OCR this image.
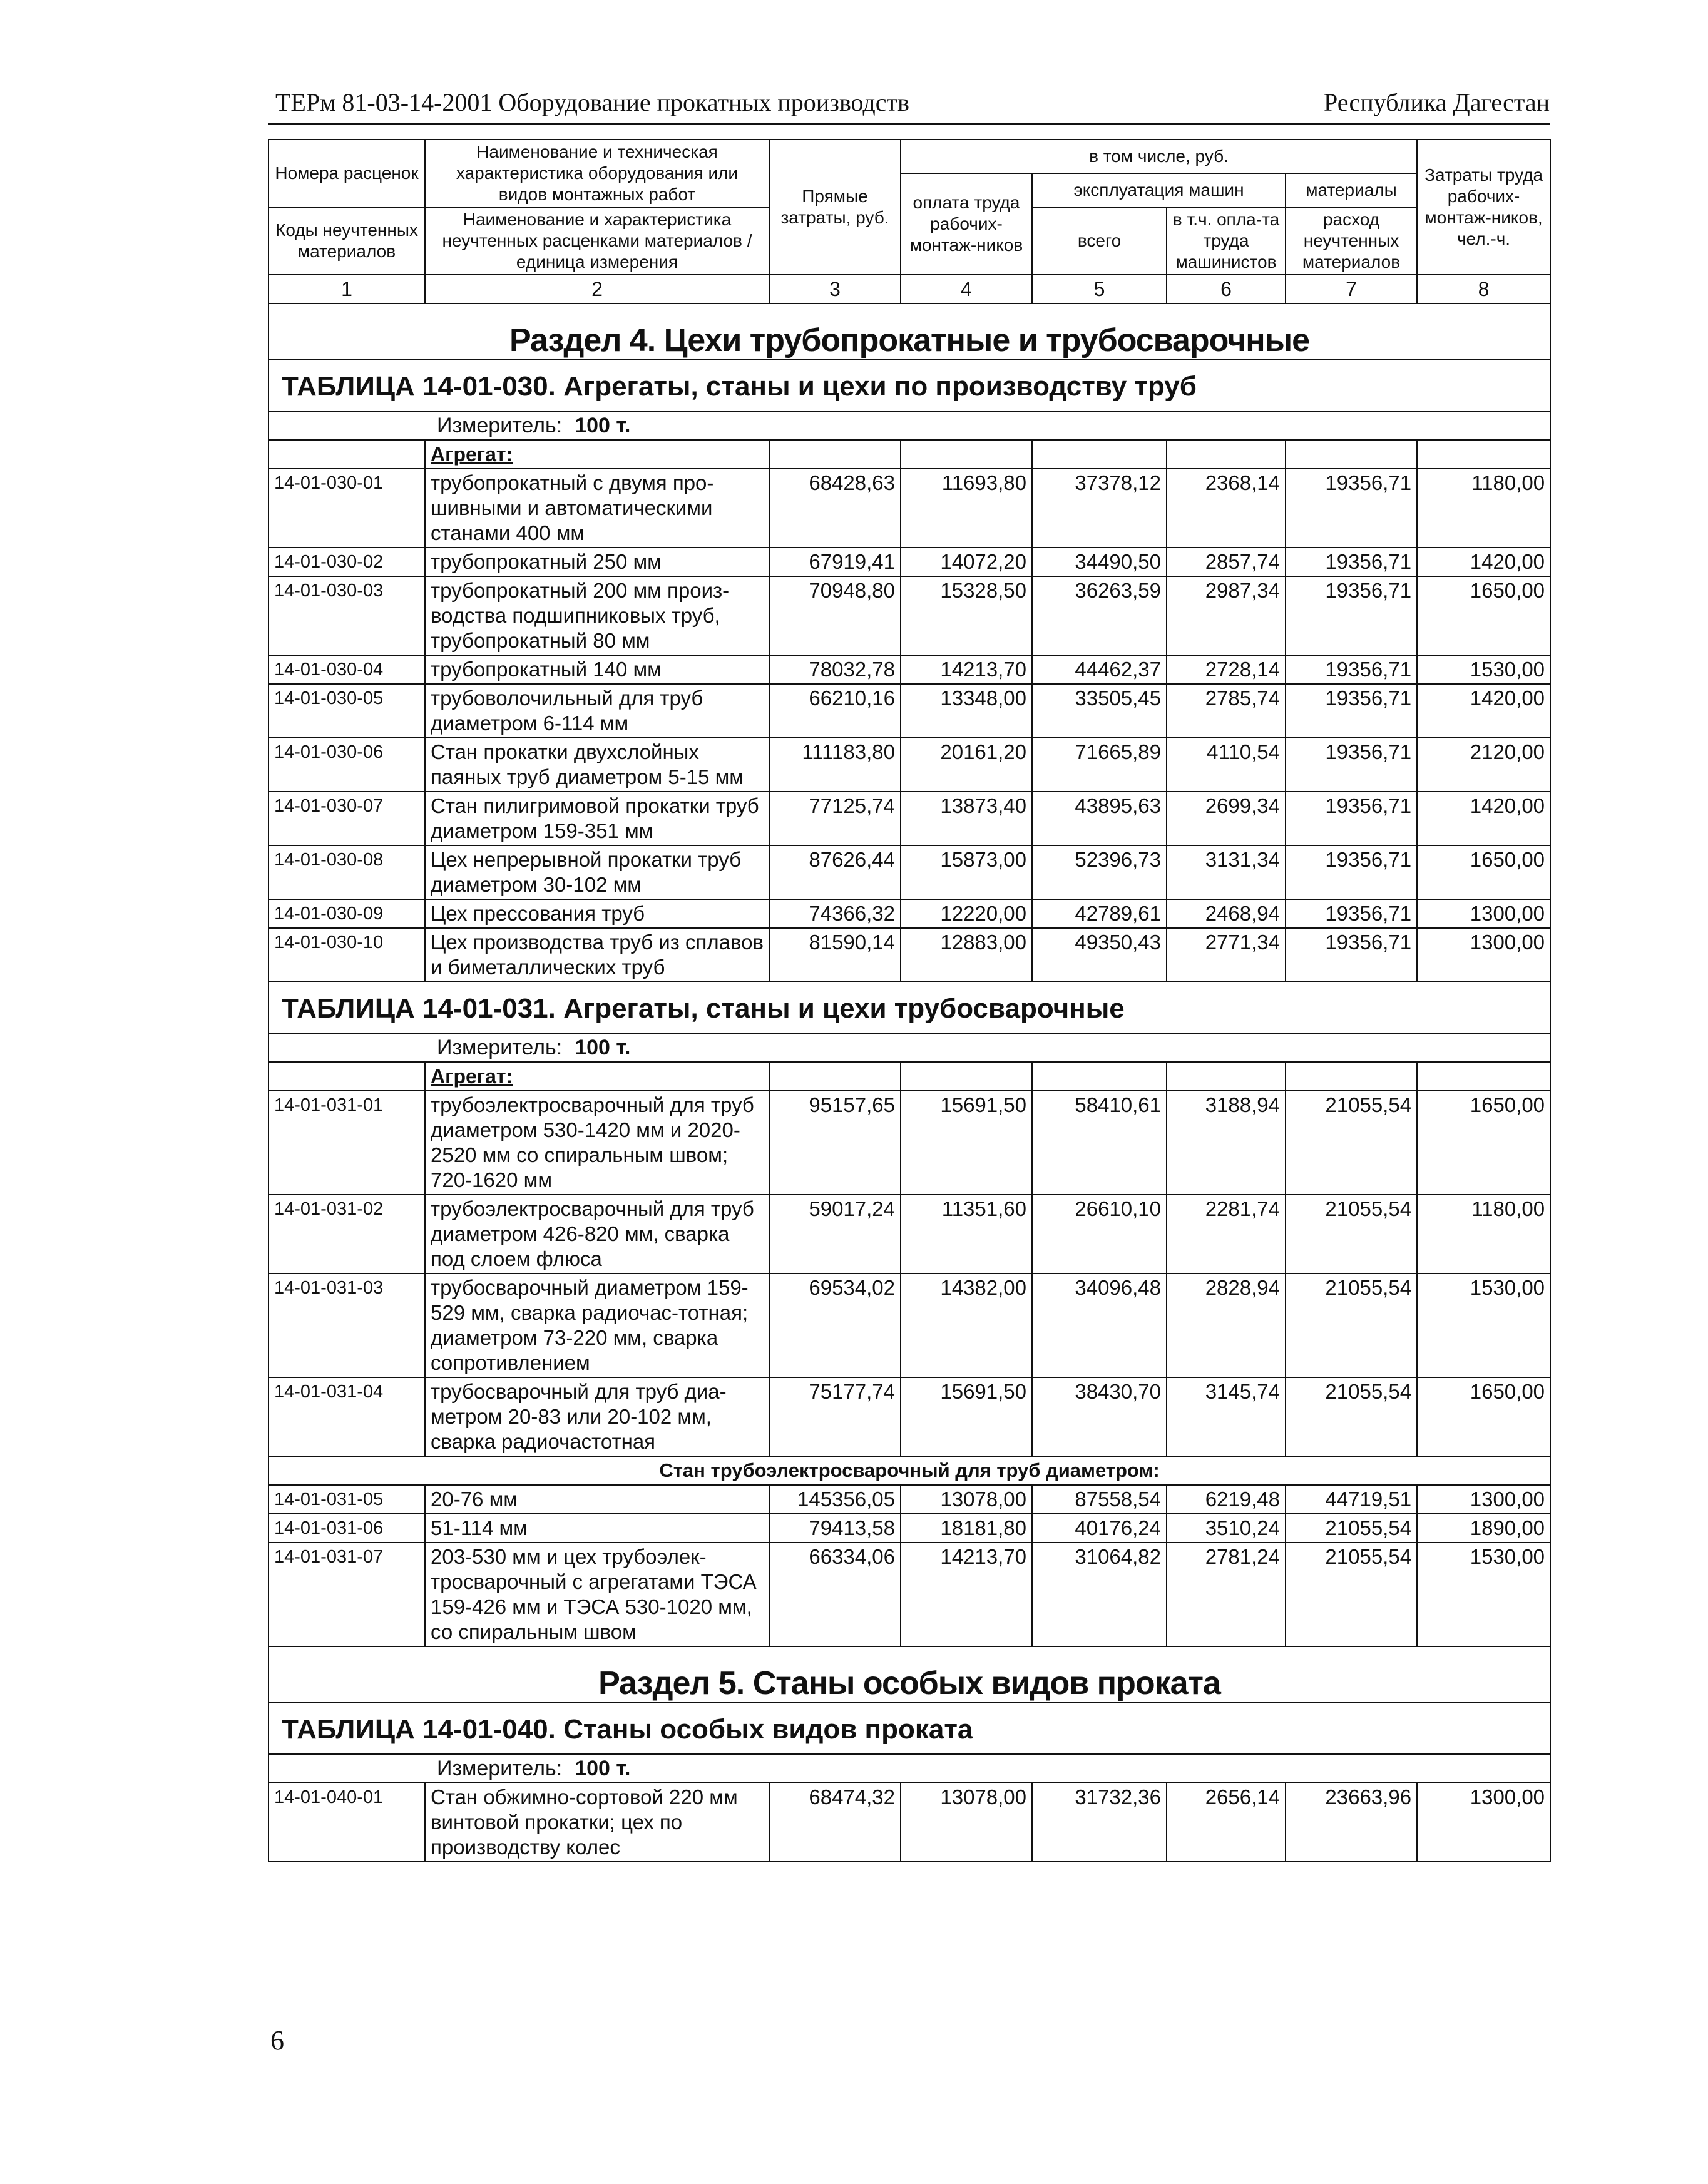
ТЕРм 81-03-14-2001 Оборудование прокатных производств	Республика Дагестан
Номера расценок	Наименование и техническая характеристика оборудования или видов монтажных работ	Прямые затраты, руб.	в том числе, руб.				Затраты труда рабочих-монтаж-ников, чел.-ч.
			оплата труда рабочих-монтаж-ников	эксплуатация машин		материалы	
Коды неучтенных материалов	Наименование и характеристика неучтенных расценками материалов / единица измерения			всего	в т.ч. опла-та труда машинистов	расход неучтенных материалов	

1	2	3	4	5	6	7	8
Раздел 4. Цехи трубопрокатные и трубосварочные							
ТАБЛИЦА 14-01-030. Агрегаты, станы и цехи по производству труб							
Измеритель: 100 т.							
	Агрегат:						
14-01-030-01	трубопрокатный с двумя про-шивными и автоматическими станами 400 мм	68428,63	11693,80	37378,12	2368,14	19356,71	1180,00
14-01-030-02	трубопрокатный 250 мм	67919,41	14072,20	34490,50	2857,74	19356,71	1420,00
14-01-030-03	трубопрокатный 200 мм произ-водства подшипниковых труб, трубопрокатный 80 мм	70948,80	15328,50	36263,59	2987,34	19356,71	1650,00
14-01-030-04	трубопрокатный 140 мм	78032,78	14213,70	44462,37	2728,14	19356,71	1530,00
14-01-030-05	трубоволочильный для труб диаметром 6-114 мм	66210,16	13348,00	33505,45	2785,74	19356,71	1420,00
14-01-030-06	Стан прокатки двухслойных паяных труб диаметром 5-15 мм	111183,80	20161,20	71665,89	4110,54	19356,71	2120,00
14-01-030-07	Стан пилигримовой прокатки труб диаметром 159-351 мм	77125,74	13873,40	43895,63	2699,34	19356,71	1420,00
14-01-030-08	Цех непрерывной прокатки труб диаметром 30-102 мм	87626,44	15873,00	52396,73	3131,34	19356,71	1650,00
14-01-030-09	Цех прессования труб	74366,32	12220,00	42789,61	2468,94	19356,71	1300,00
14-01-030-10	Цех производства труб из сплавов и биметаллических труб	81590,14	12883,00	49350,43	2771,34	19356,71	1300,00
ТАБЛИЦА 14-01-031. Агрегаты, станы и цехи трубосварочные							
Измеритель: 100 т.							
	Агрегат:						
14-01-031-01	трубоэлектросварочный для труб диаметром 530-1420 мм и 2020-2520 мм со спиральным швом; 720-1620 мм	95157,65	15691,50	58410,61	3188,94	21055,54	1650,00
14-01-031-02	трубоэлектросварочный для труб диаметром 426-820 мм, сварка под слоем флюса	59017,24	11351,60	26610,10	2281,74	21055,54	1180,00
14-01-031-03	трубосварочный диаметром 159-529 мм, сварка радиочас-тотная; диаметром 73-220 мм, сварка сопротивлением	69534,02	14382,00	34096,48	2828,94	21055,54	1530,00
14-01-031-04	трубосварочный для труб диа-метром 20-83 или 20-102 мм, сварка радиочастотная	75177,74	15691,50	38430,70	3145,74	21055,54	1650,00
Стан трубоэлектросварочный для труб диаметром:							
14-01-031-05	20-76 мм	145356,05	13078,00	87558,54	6219,48	44719,51	1300,00
14-01-031-06	51-114 мм	79413,58	18181,80	40176,24	3510,24	21055,54	1890,00
14-01-031-07	203-530 мм и цех трубоэлек-тросварочный с агрегатами ТЭСА 159-426 мм и ТЭСА 530-1020 мм, со спиральным швом	66334,06	14213,70	31064,82	2781,24	21055,54	1530,00
Раздел 5. Станы особых видов проката							
ТАБЛИЦА 14-01-040. Станы особых видов проката							
Измеритель: 100 т.							
14-01-040-01	Стан обжимно-сортовой 220 мм винтовой прокатки; цех по производству колес	68474,32	13078,00	31732,36	2656,14	23663,96	1300,00
6
